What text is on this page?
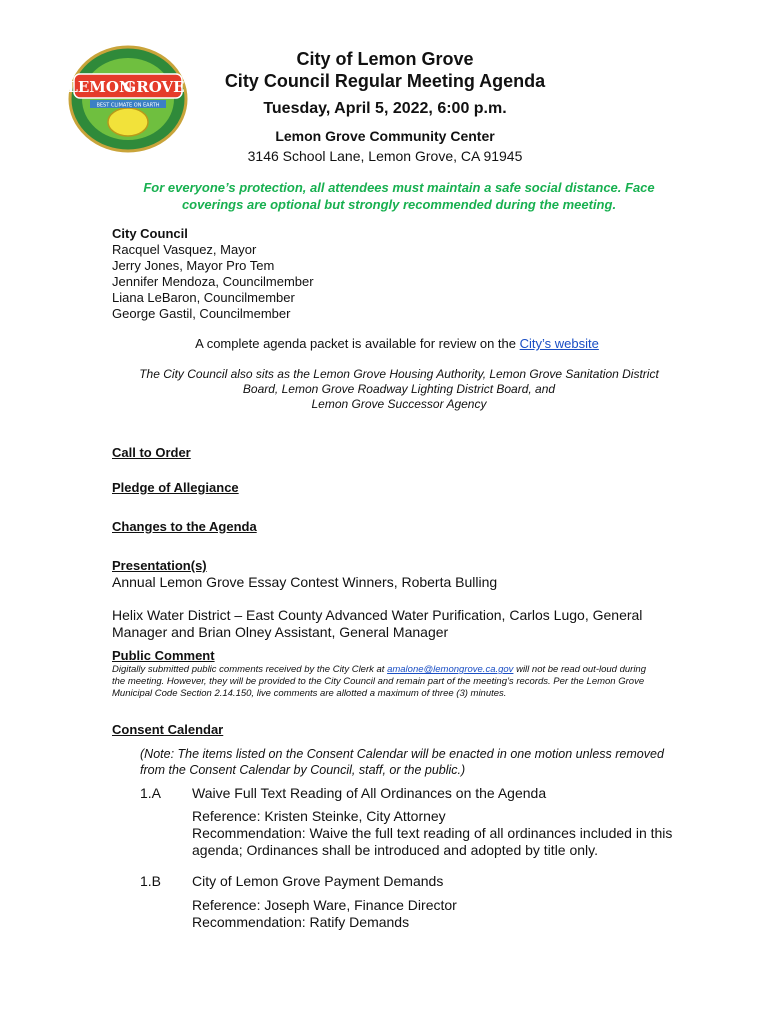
LEMON
GROVE
BEST CLIMATE ON EARTH
City of Lemon Grove
City Council Regular Meeting Agenda
Tuesday, April 5, 2022, 6:00 p.m.
Lemon Grove Community Center
3146 School Lane, Lemon Grove, CA 91945
For everyone’s protection, all attendees must maintain a safe social distance. Face
coverings are optional but strongly recommended during the meeting.
City Council
Racquel Vasquez, Mayor
Jerry Jones, Mayor Pro Tem
Jennifer Mendoza, Councilmember
Liana LeBaron, Councilmember
George Gastil, Councilmember
A complete agenda packet is available for review on the City’s website
The City Council also sits as the Lemon Grove Housing Authority, Lemon Grove Sanitation District
Board, Lemon Grove Roadway Lighting District Board, and
Lemon Grove Successor Agency
Call to Order
Pledge of Allegiance
Changes to the Agenda
Presentation(s)
Annual Lemon Grove Essay Contest Winners, Roberta Bulling
Helix Water District – East County Advanced Water Purification, Carlos Lugo, General
Manager and Brian Olney Assistant, General Manager
Public Comment
Digitally submitted public comments received by the City Clerk at amalone@lemongrove.ca.gov will not be read out-loud during
the meeting. However, they will be provided to the City Council and remain part of the meeting’s records. Per the Lemon Grove
Municipal Code Section 2.14.150, live comments are allotted a maximum of three (3) minutes.
Consent Calendar
(Note: The items listed on the Consent Calendar will be enacted in one motion unless removed
from the Consent Calendar by Council, staff, or the public.)
1.A Waive Full Text Reading of All Ordinances on the Agenda
Reference: Kristen Steinke, City Attorney
Recommendation: Waive the full text reading of all ordinances included in this
agenda; Ordinances shall be introduced and adopted by title only.
1.B City of Lemon Grove Payment Demands
Reference: Joseph Ware, Finance Director
Recommendation: Ratify Demands
